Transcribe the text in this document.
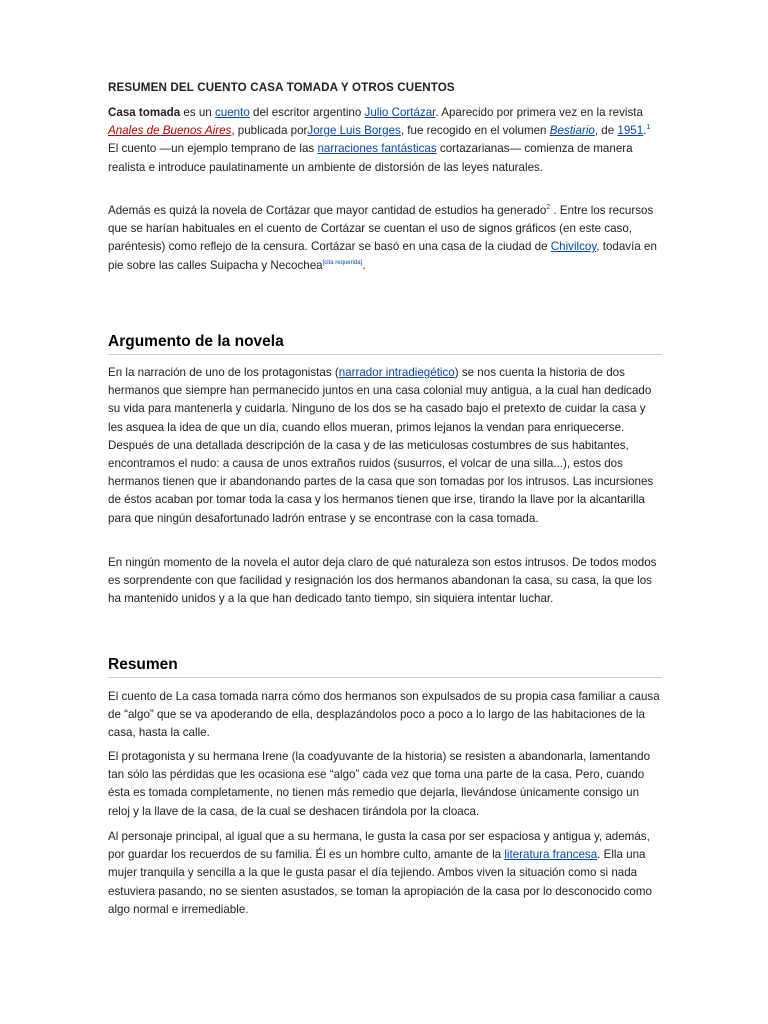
RESUMEN DEL CUENTO CASA TOMADA Y OTROS CUENTOS

Casa tomada es un cuento del escritor argentino Julio Cortázar. Aparecido por primera vez en la revista Anales de Buenos Aires, publicada porJorge Luis Borges, fue recogido en el volumen Bestiario, de 1951.$^1$ El cuento —un ejemplo temprano de las narraciones fantásticas cortazarianas— comienza de manera realista e introduce paulatinamente un ambiente de distorsión de las leyes naturales.

Además es quizá la novela de Cortázar que mayor cantidad de estudios ha generado$^2$ . Entre los recursos que se harían habituales en el cuento de Cortázar se cuentan el uso de signos gráficos (en este caso, paréntesis) como reflejo de la censura. Cortázar se basó en una casa de la ciudad de Chivilcoy, todavía en pie sobre las calles Suipacha y Necochea[cita requerida].

Argumento de la novela

En la narración de uno de los protagonistas (narrador intradiegético) se nos cuenta la historia de dos hermanos que siempre han permanecido juntos en una casa colonial muy antigua, a la cual han dedicado su vida para mantenerla y cuidarla. Ninguno de los dos se ha casado bajo el pretexto de cuidar la casa y les asquea la idea de que un día, cuando ellos mueran, primos lejanos la vendan para enriquecerse. Después de una detallada descripción de la casa y de las meticulosas costumbres de sus habitantes, encontramos el nudo: a causa de unos extraños ruidos (susurros, el volcar de una silla...), estos dos hermanos tienen que ir abandonando partes de la casa que son tomadas por los intrusos. Las incursiones de éstos acaban por tomar toda la casa y los hermanos tienen que irse, tirando la llave por la alcantarilla para que ningún desafortunado ladrón entrase y se encontrase con la casa tomada.

En ningún momento de la novela el autor deja claro de qué naturaleza son estos intrusos. De todos modos es sorprendente con que facilidad y resignación los dos hermanos abandonan la casa, su casa, la que los ha mantenido unidos y a la que han dedicado tanto tiempo, sin siquiera intentar luchar.

Resumen

El cuento de La casa tomada narra cómo dos hermanos son expulsados de su propia casa familiar a causa de “algo” que se va apoderando de ella, desplazándolos poco a poco a lo largo de las habitaciones de la casa, hasta la calle.

El protagonista y su hermana Irene (la coadyuvante de la historia) se resisten a abandonarla, lamentando tan sólo las pérdidas que les ocasiona ese “algo” cada vez que toma una parte de la casa. Pero, cuando ésta es tomada completamente, no tienen más remedio que dejarla, llevándose únicamente consigo un reloj y la llave de la casa, de la cual se deshacen tirándola por la cloaca.

Al personaje principal, al igual que a su hermana, le gusta la casa por ser espaciosa y antigua y, además, por guardar los recuerdos de su familia. Él es un hombre culto, amante de la literatura francesa. Ella una mujer tranquila y sencilla a la que le gusta pasar el día tejiendo. Ambos viven la situación como si nada estuviera pasando, no se sienten asustados, se toman la apropiación de la casa por lo desconocido como algo normal e irremediable.
